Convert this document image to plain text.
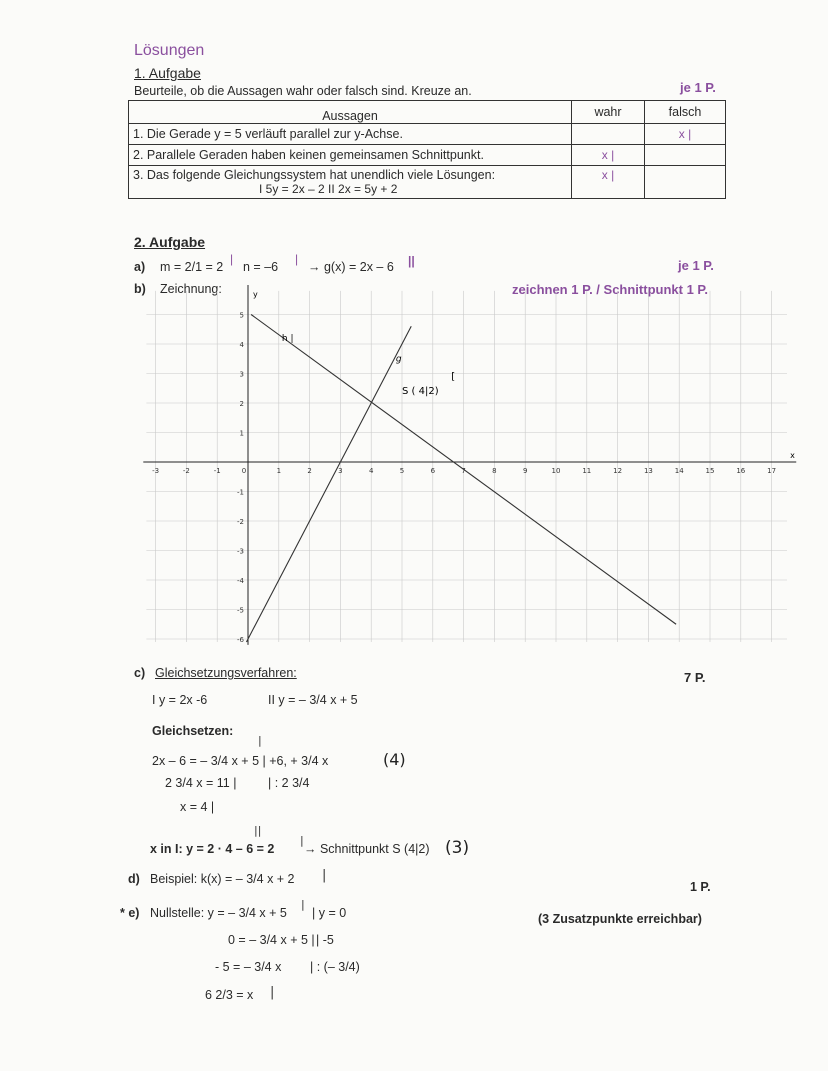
Lösungen
1. Aufgabe
Beurteile, ob die Aussagen wahr oder falsch sind. Kreuze an.	je 1 P.
Aussagen	wahr	falsch
1. Die Gerade y = 5 verläuft parallel zur y-Achse.		x |
2. Parallele Geraden haben keinen gemeinsamen Schnittpunkt.	x |	

3. Das folgende Gleichungssystem hat unendlich viele Lösungen:
I 5y = 2x – 2 II 2x = 5y + 2	x |	
2. Aufgabe
a) m = 2/1 = 2
|
n = –6
|
→ g(x) = 2x – 6 ||	je 1 P.
b) Zeichnung:	zeichnen 1 P. / Schnittpunkt 1 P.
-3	-2	-1	0	1	2	3	4	5	6	7	8	9	10	11	12	13	14	15	16	17
5
4
3
2
1
-1
-2
-3
-4
-5
-6
x
y
h |
g
S ( 4|2)
[
c) Gleichsetzungsverfahren:	7 P.
I y = 2x -6	II y = – 3/4 x + 5
Gleichsetzen:
|
2x – 6 = – 3/4 x + 5 | +6, + 3/4 x
2 3/4 x = 11 |	| : 2 3/4
x = 4 |
(4)
||
x in I: y = 2 · 4 – 6 = 2
|
→ Schnittpunkt S (4|2) (3)
d) Beispiel: k(x) = – 3/4 x + 2 |
1 P.
* e) Nullstelle: y = – 3/4 x + 5
|
| y = 0
0 = – 3/4 x + 5 | | -5
- 5 = – 3/4 x | : (– 3/4)
6 2/3 = x |
(3 Zusatzpunkte erreichbar)
